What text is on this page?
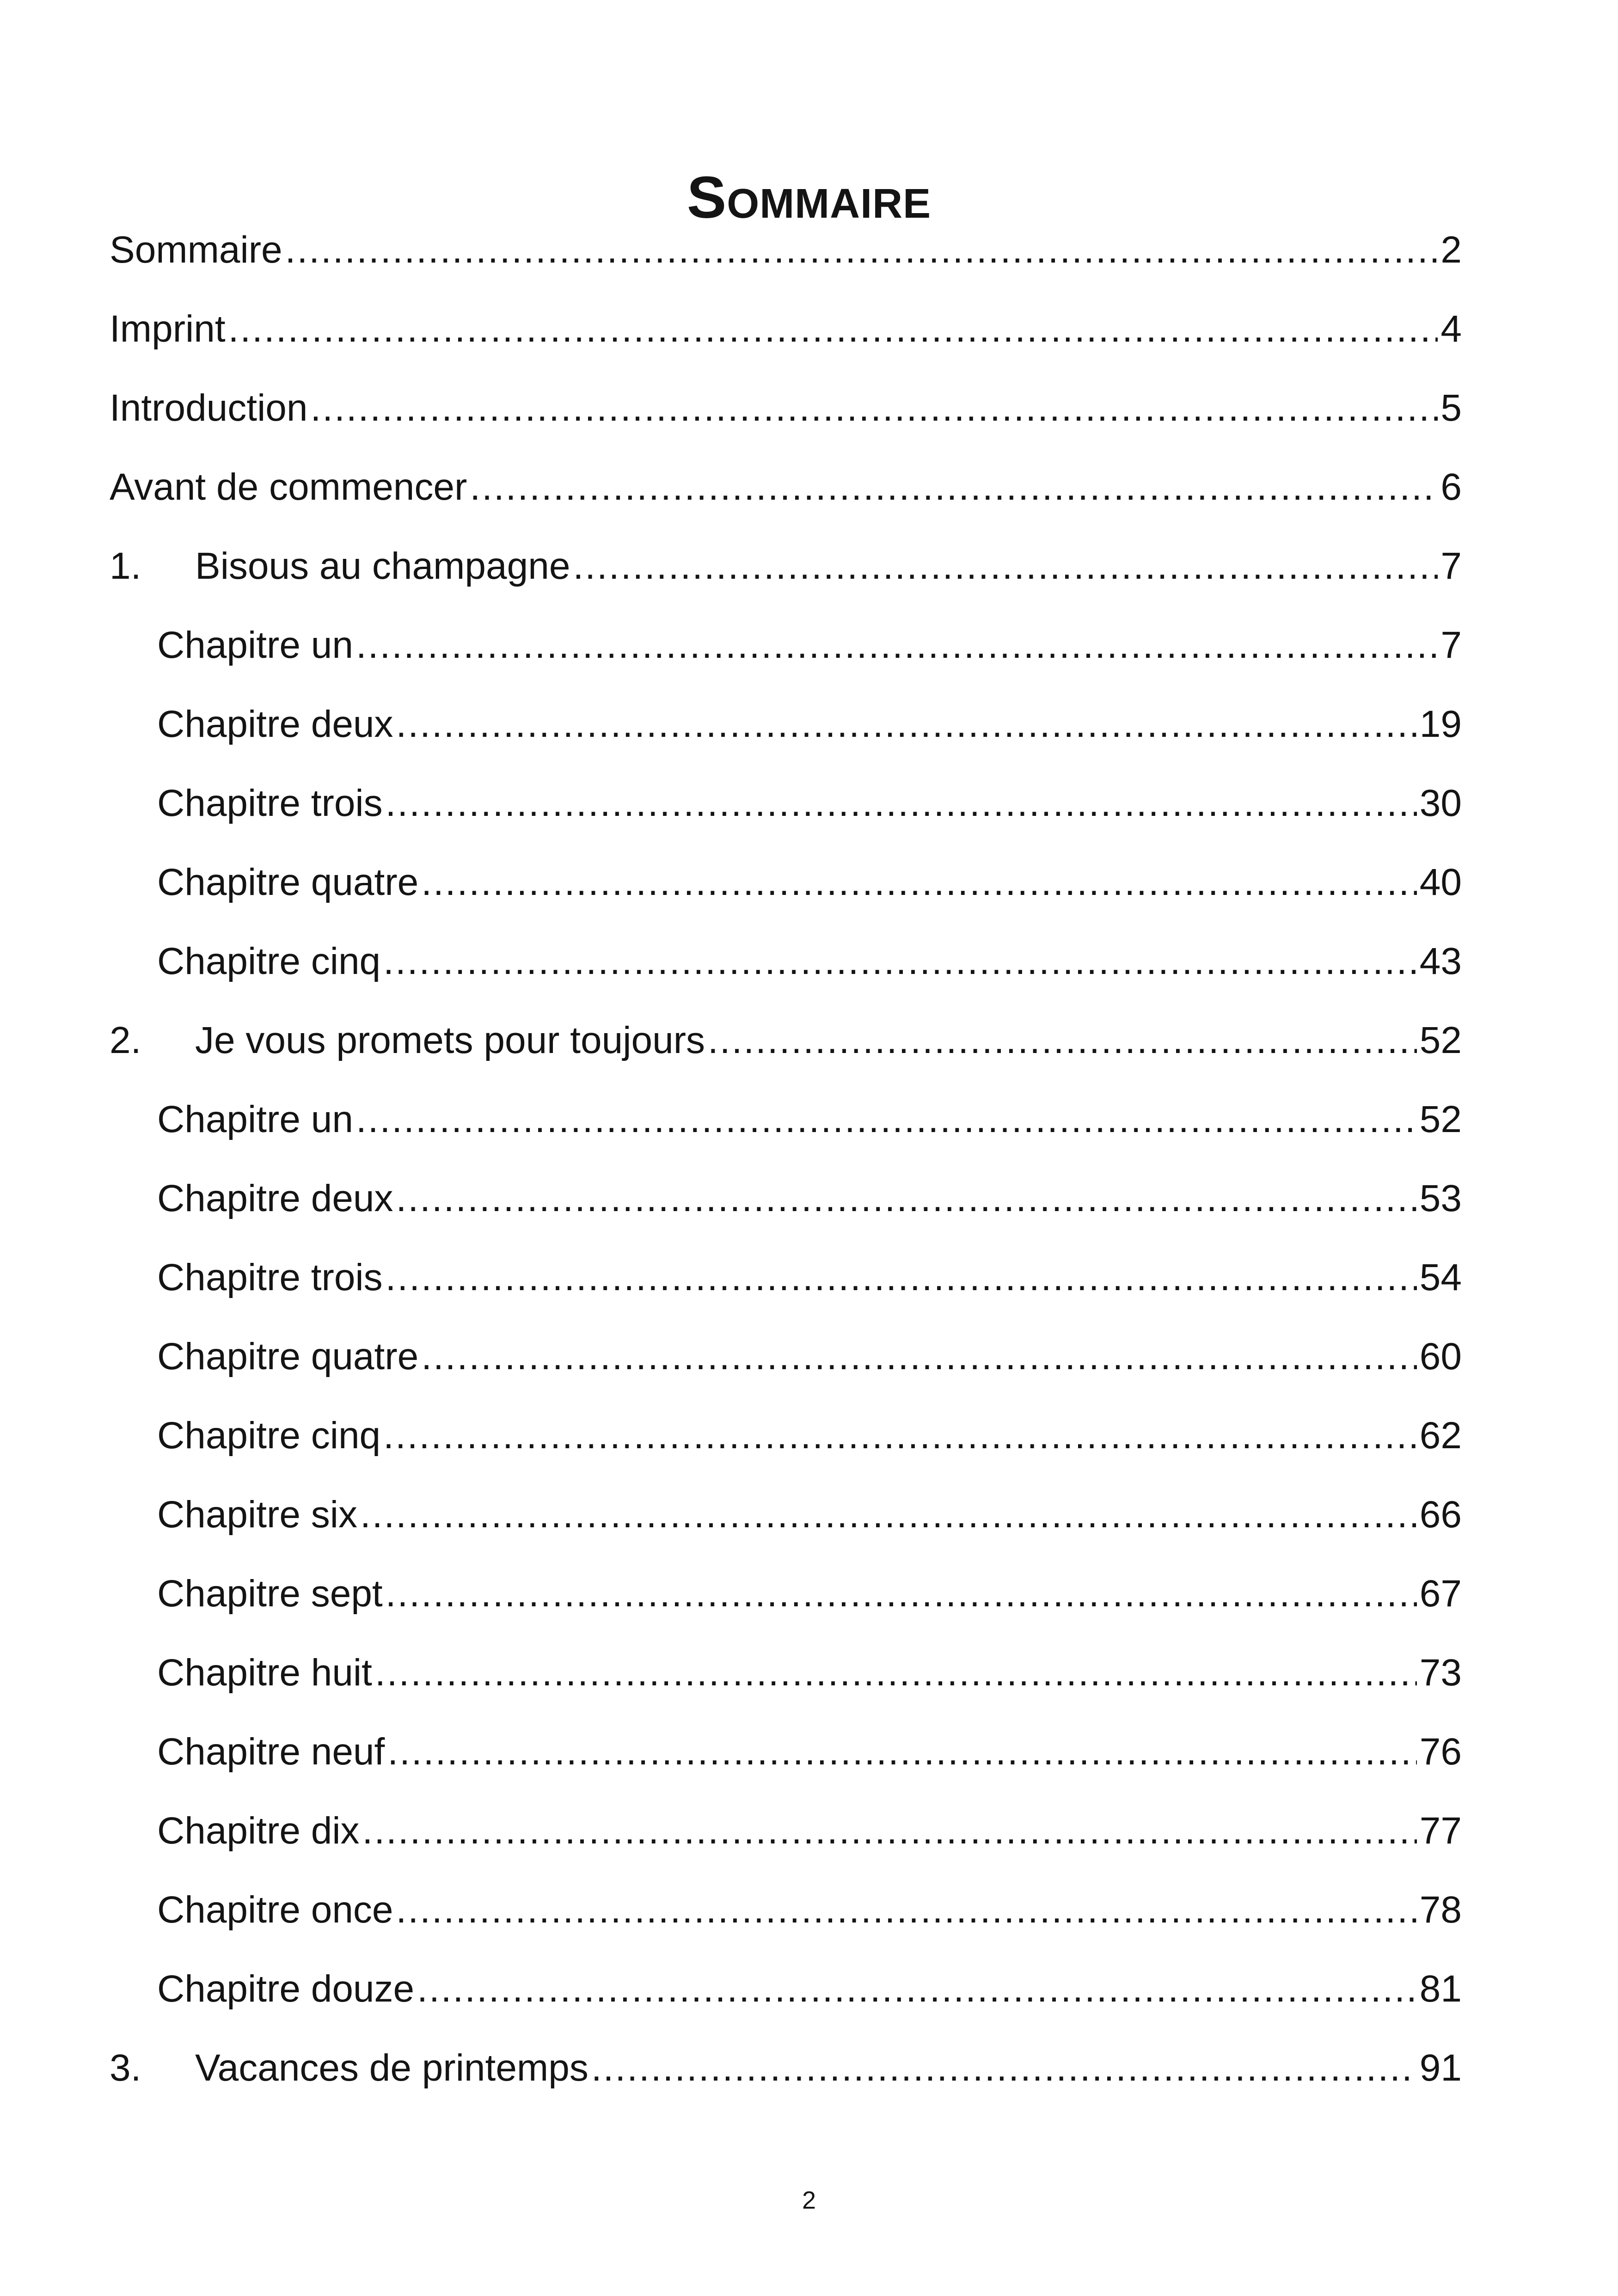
Sommaire
Sommaire .....	2
Imprint .....	4
Introduction .....	5
Avant de commencer .....	6
1.	Bisous au champagne .....	7
Chapitre un .....	7
Chapitre deux .....	19
Chapitre trois .....	30
Chapitre quatre .....	40
Chapitre cinq .....	43
2.	Je vous promets pour toujours .....	52
Chapitre un .....	52
Chapitre deux .....	53
Chapitre trois .....	54
Chapitre quatre .....	60
Chapitre cinq .....	62
Chapitre six .....	66
Chapitre sept .....	67
Chapitre huit .....	73
Chapitre neuf .....	76
Chapitre dix .....	77
Chapitre once .....	78
Chapitre douze .....	81
3.	Vacances de printemps .....	91
2
